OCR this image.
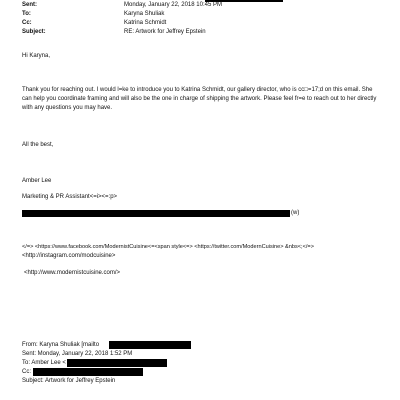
Sent:	Monday, January 22, 2018 10:45 PM
To:	Karyna Shuliak
Cc:	Katrina Schmidt
Subject:	RE: Artwork for Jeffrey Epstein
Hi Karyna,
Thank you for reaching out. I would l=ke to introduce you to Katrina Schmidt, our gallery director, who is cc□=17;d on this email. She can help you coordinate framing and will also be the one in charge of shipping the artwork. Please feel fr=e to reach out to her directly with any questions you may have.
All the best,
Amber Lee
Marketing & PR Assistant<=i><=:p>
(w)
</=> <https://www.facebook.com/ModernistCuisine<=<span style<=> <https://twitter.com/ModernCuisine> &nbs<;</=>
<http://instagram.com/modcuisine>
<http://www.modernistcuisine.com/>
From: Karyna Shuliak [mailto
Sent: Monday, January 22, 2018 1:52 PM
To: Amber Lee <
Cc:
Subject: Artwork for Jeffrey Epstein
